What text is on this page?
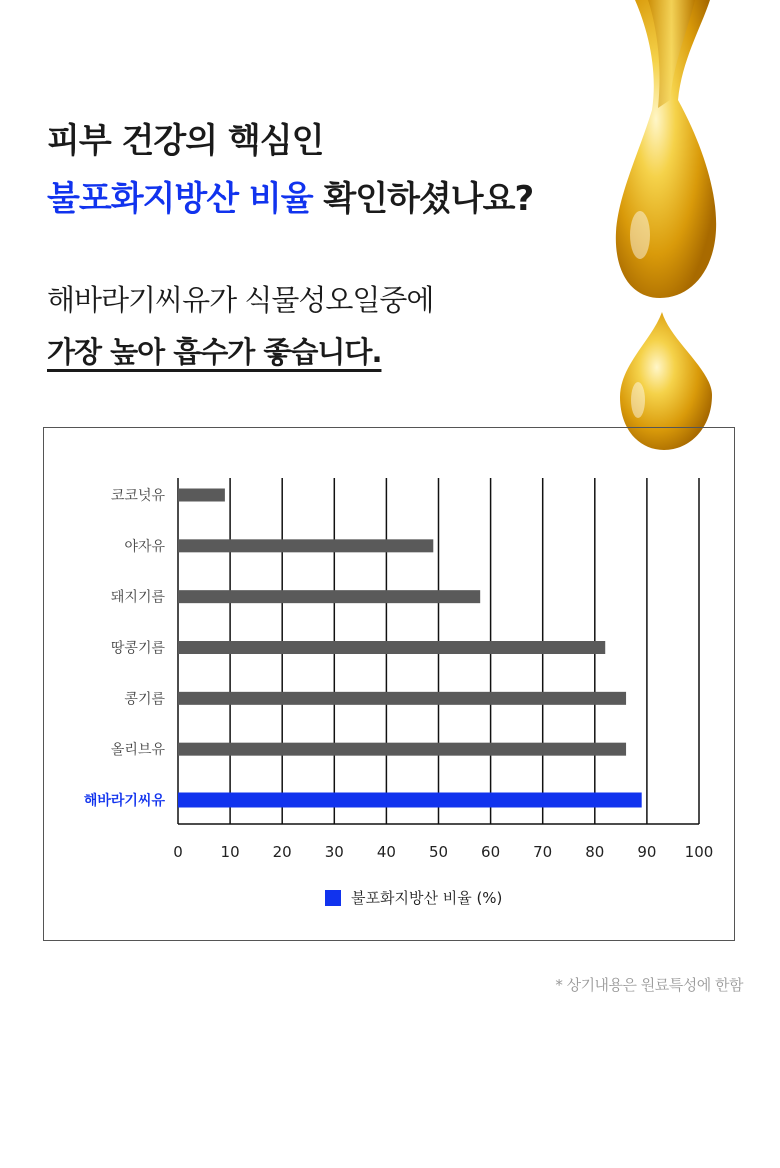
피부 건강의 핵심인
불포화지방산 비율 확인하셨나요?

해바라기씨유가 식물성오일중에
가장 높아 흡수가 좋습니다.

0	10 20 30 40 50 60 70 80 90 100
코코넛유
야자유
돼지기름
땅콩기름
콩기름
올리브유
해바라기씨유
불포화지방산 비율 (%)

* 상기내용은 원료특성에 한함
